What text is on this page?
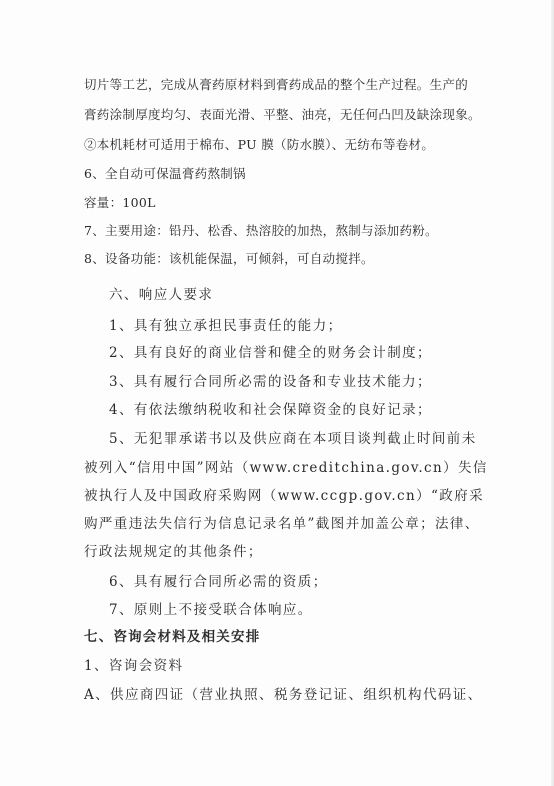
切片等工艺，完成从膏药原材料到膏药成品的整个生产过程。生产的
膏药涂制厚度均匀、表面光滑、平整、油亮，无任何凸凹及缺涂现象。
②本机耗材可适用于棉布、PU 膜（防水膜）、无纺布等卷材。
6、全自动可保温膏药熬制锅
容量：100L
7、主要用途：铅丹、松香、热溶胶的加热，熬制与添加药粉。
8、设备功能：该机能保温，可倾斜，可自动搅拌。
六、响应人要求
1、具有独立承担民事责任的能力；
2、具有良好的商业信誉和健全的财务会计制度；
3、具有履行合同所必需的设备和专业技术能力；
4、有依法缴纳税收和社会保障资金的良好记录；
5、无犯罪承诺书以及供应商在本项目谈判截止时间前未
被列入“信用中国”网站（www.creditchina.gov.cn）失信
被执行人及中国政府采购网（www.ccgp.gov.cn）“政府采
购严重违法失信行为信息记录名单”截图并加盖公章；法律、
行政法规规定的其他条件；
6、具有履行合同所必需的资质；
7、原则上不接受联合体响应。
七、咨询会材料及相关安排
1、咨询会资料
A、供应商四证（营业执照、税务登记证、组织机构代码证、
